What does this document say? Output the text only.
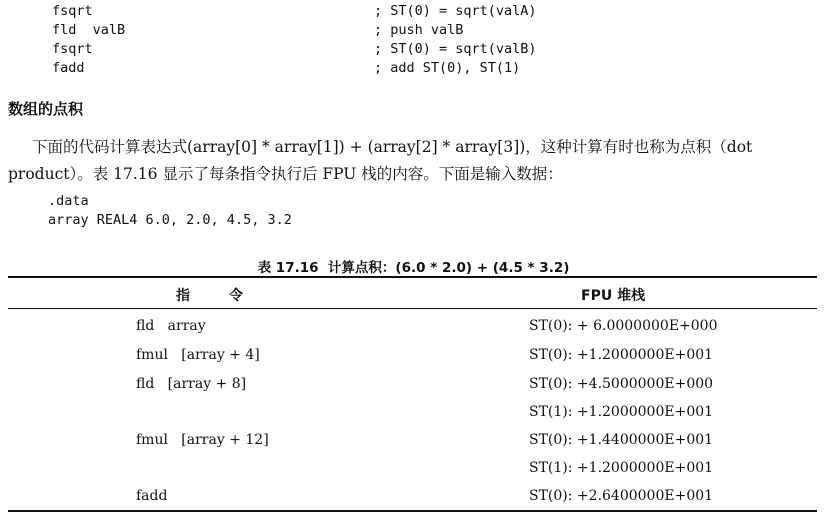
fsqrt	; ST(0) = sqrt(valA)
fld  valB	; push valB
fsqrt	; ST(0) = sqrt(valB)
fadd	; add ST(0), ST(1)
数组的点积
下面的代码计算表达式(array[0] * array[1]) + (array[2] * array[3])，这种计算有时也称为点积（dot product）。表 17.16 显示了每条指令执行后 FPU 栈的内容。下面是输入数据：
.data
array REAL4 6.0, 2.0, 4.5, 3.2
表 17.16  计算点积：(6.0 * 2.0) + (4.5 * 3.2)
指        令	FPU 堆栈
fld   array	ST(0): + 6.0000000E+000
fmul   [array + 4]	ST(0): +1.2000000E+001
fld   [array + 8]	ST(0): +4.5000000E+000
ST(1): +1.2000000E+001
fmul   [array + 12]	ST(0): +1.4400000E+001
ST(1): +1.2000000E+001
fadd	ST(0): +2.6400000E+001
